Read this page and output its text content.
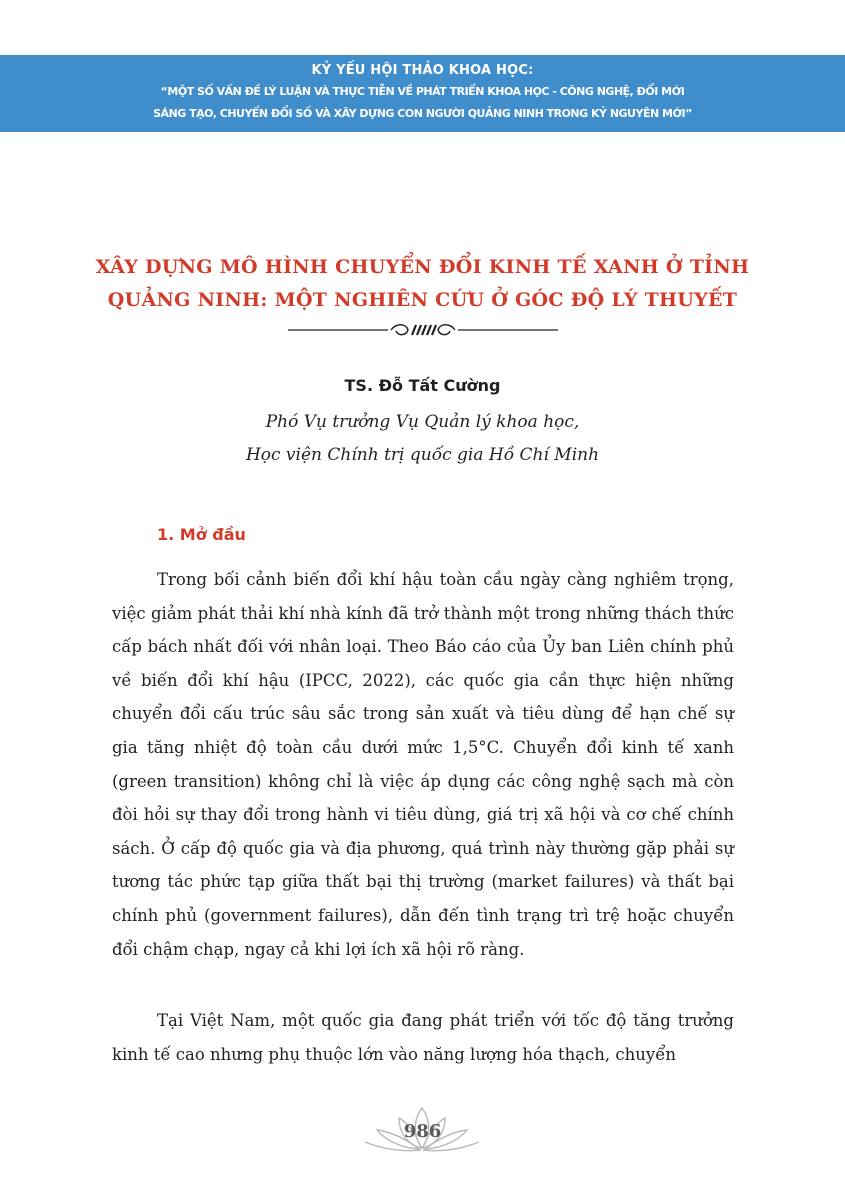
KỶ YẾU HỘI THẢO KHOA HỌC:
“MỘT SỐ VẤN ĐỀ LÝ LUẬN VÀ THỰC TIỄN VỀ PHÁT TRIỂN KHOA HỌC - CÔNG NGHỆ, ĐỔI MỚI
SÁNG TẠO, CHUYỂN ĐỔI SỐ VÀ XÂY DỰNG CON NGƯỜI QUẢNG NINH TRONG KỶ NGUYÊN MỚI”
XÂY DỰNG MÔ HÌNH CHUYỂN ĐỔI KINH TẾ XANH Ở TỈNH
QUẢNG NINH: MỘT NGHIÊN CỨU Ở GÓC ĐỘ LÝ THUYẾT
TS. Đỗ Tất Cường
Phó Vụ trưởng Vụ Quản lý khoa học,
Học viện Chính trị quốc gia Hồ Chí Minh
1. Mở đầu

Trong bối cảnh biến đổi khí hậu toàn cầu ngày càng nghiêm trọng, việc giảm phát thải khí nhà kính đã trở thành một trong những thách thức cấp bách nhất đối với nhân loại. Theo Báo cáo của Ủy ban Liên chính phủ về biến đổi khí hậu (IPCC, 2022), các quốc gia cần thực hiện những chuyển đổi cấu trúc sâu sắc trong sản xuất và tiêu dùng để hạn chế sự gia tăng nhiệt độ toàn cầu dưới mức 1,5°C. Chuyển đổi kinh tế xanh (green transition) không chỉ là việc áp dụng các công nghệ sạch mà còn đòi hỏi sự thay đổi trong hành vi tiêu dùng, giá trị xã hội và cơ chế chính sách. Ở cấp độ quốc gia và địa phương, quá trình này thường gặp phải sự tương tác phức tạp giữa thất bại thị trường (market failures) và thất bại chính phủ (government failures), dẫn đến tình trạng trì trệ hoặc chuyển đổi chậm chạp, ngay cả khi lợi ích xã hội rõ ràng.

Tại Việt Nam, một quốc gia đang phát triển với tốc độ tăng trưởng kinh tế cao nhưng phụ thuộc lớn vào năng lượng hóa thạch, chuyển

986
